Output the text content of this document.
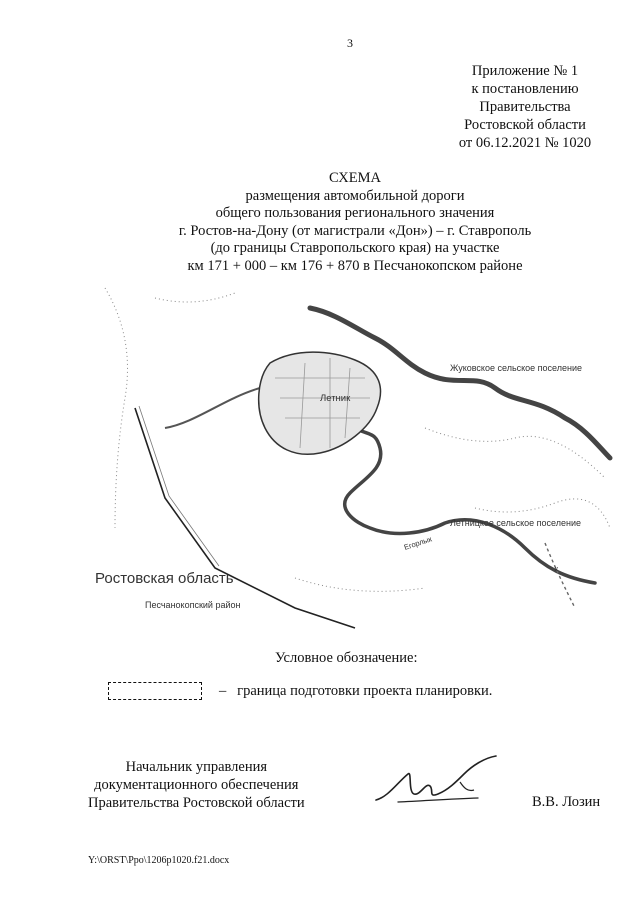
3
Приложение № 1
к постановлению
Правительства
Ростовской области
от 06.12.2021 № 1020
СХЕМА
размещения автомобильной дороги
общего пользования регионального значения
г. Ростов-на-Дону (от магистрали «Дон») – г. Ставрополь
(до границы Ставропольского края) на участке
км 171 + 000 – км 176 + 870 в Песчанокопском районе
Летник
Жуковское сельское поселение
Летницкое сельское поселение
Егорлык
к
Ростовская область
Песчанокопский район
Условное обозначение:
– граница подготовки проекта планировки.
Начальник управления
документационного обеспечения
Правительства Ростовской области	В.В. Лозин
Y:\ORST\Ppo\1206p1020.f21.docx
